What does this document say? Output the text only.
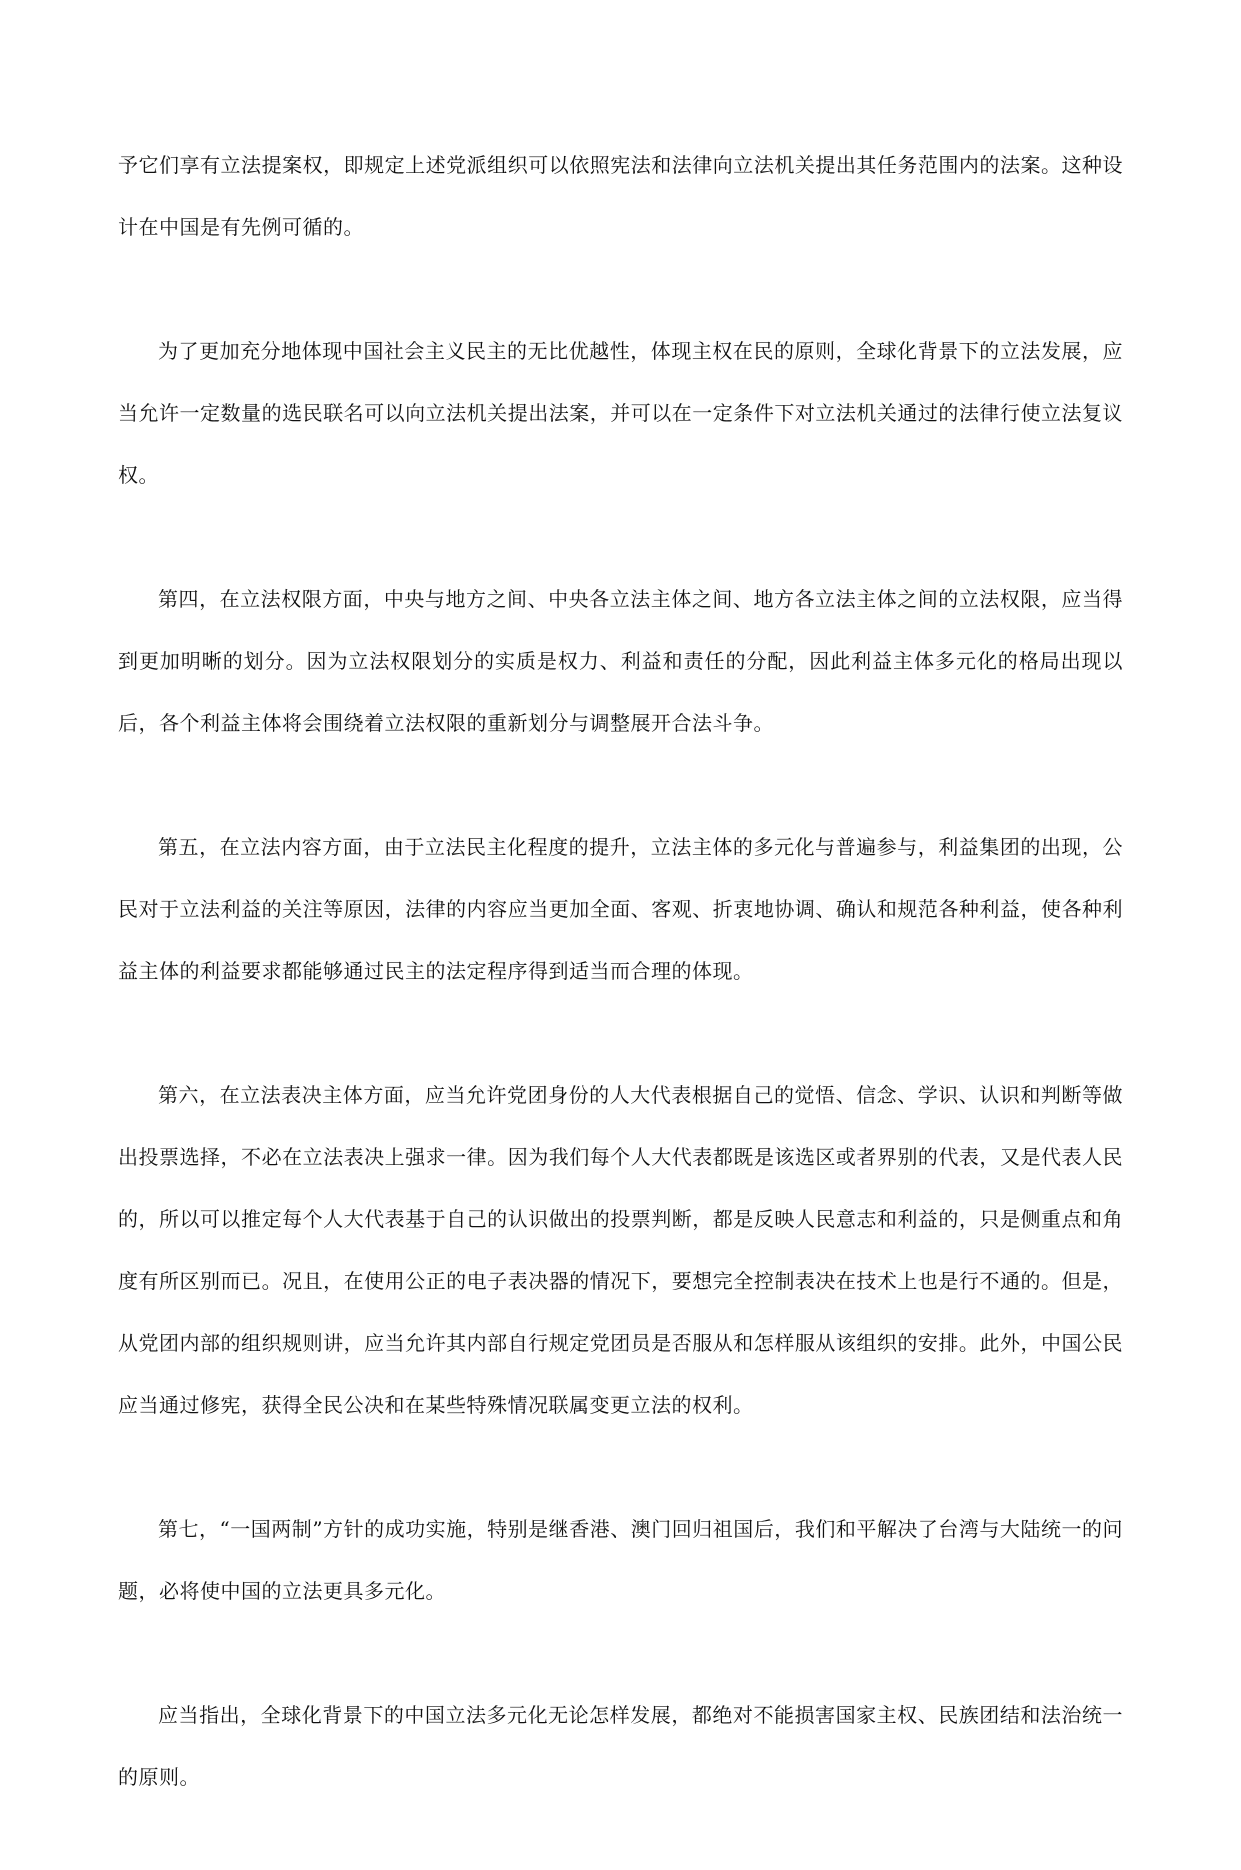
予它们享有立法提案权，即规定上述党派组织可以依照宪法和法律向立法机关提出其任务范围内的法案。这种设计在中国是有先例可循的。

为了更加充分地体现中国社会主义民主的无比优越性，体现主权在民的原则，全球化背景下的立法发展，应当允许一定数量的选民联名可以向立法机关提出法案，并可以在一定条件下对立法机关通过的法律行使立法复议权。

第四，在立法权限方面，中央与地方之间、中央各立法主体之间、地方各立法主体之间的立法权限，应当得到更加明晰的划分。因为立法权限划分的实质是权力、利益和责任的分配，因此利益主体多元化的格局出现以后，各个利益主体将会围绕着立法权限的重新划分与调整展开合法斗争。

第五，在立法内容方面，由于立法民主化程度的提升，立法主体的多元化与普遍参与，利益集团的出现，公民对于立法利益的关注等原因，法律的内容应当更加全面、客观、折衷地协调、确认和规范各种利益，使各种利益主体的利益要求都能够通过民主的法定程序得到适当而合理的体现。

第六，在立法表决主体方面，应当允许党团身份的人大代表根据自己的觉悟、信念、学识、认识和判断等做出投票选择，不必在立法表决上强求一律。因为我们每个人大代表都既是该选区或者界别的代表，又是代表人民的，所以可以推定每个人大代表基于自己的认识做出的投票判断，都是反映人民意志和利益的，只是侧重点和角度有所区别而已。况且，在使用公正的电子表决器的情况下，要想完全控制表决在技术上也是行不通的。但是，从党团内部的组织规则讲，应当允许其内部自行规定党团员是否服从和怎样服从该组织的安排。此外，中国公民应当通过修宪，获得全民公决和在某些特殊情况联属变更立法的权利。

第七，“一国两制”方针的成功实施，特别是继香港、澳门回归祖国后，我们和平解决了台湾与大陆统一的问题，必将使中国的立法更具多元化。

应当指出，全球化背景下的中国立法多元化无论怎样发展，都绝对不能损害国家主权、民族团结和法治统一的原则。
